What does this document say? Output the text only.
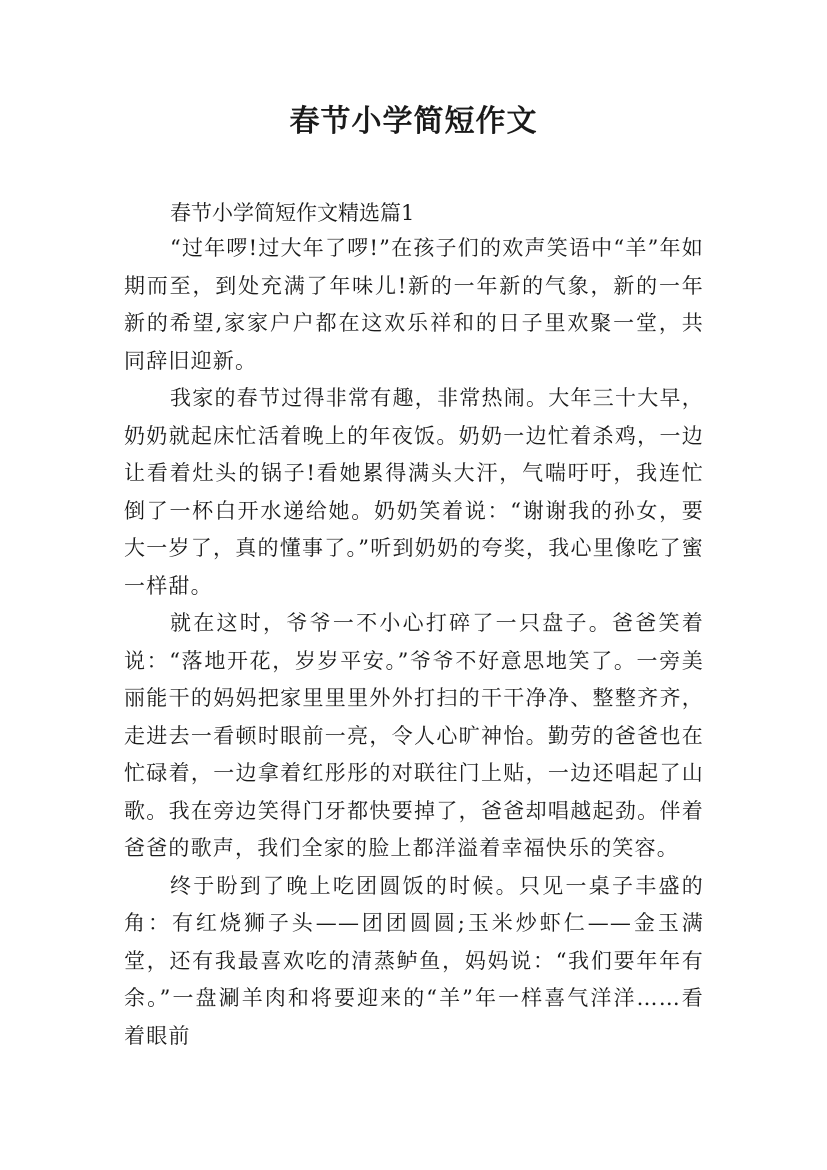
春节小学简短作文

春节小学简短作文精选篇1

“过年啰!过大年了啰!”在孩子们的欢声笑语中“羊”年如期而至，到处充满了年味儿!新的一年新的气象，新的一年新的希望,家家户户都在这欢乐祥和的日子里欢聚一堂，共同辞旧迎新。

我家的春节过得非常有趣，非常热闹。大年三十大早，奶奶就起床忙活着晚上的年夜饭。奶奶一边忙着杀鸡，一边让看着灶头的锅子!看她累得满头大汗，气喘吁吁，我连忙倒了一杯白开水递给她。奶奶笑着说：“谢谢我的孙女，要大一岁了，真的懂事了。”听到奶奶的夸奖，我心里像吃了蜜一样甜。

就在这时，爷爷一不小心打碎了一只盘子。爸爸笑着说：“落地开花，岁岁平安。”爷爷不好意思地笑了。一旁美丽能干的妈妈把家里里里外外打扫的干干净净、整整齐齐，走进去一看顿时眼前一亮，令人心旷神怡。勤劳的爸爸也在忙碌着，一边拿着红彤彤的对联往门上贴，一边还唱起了山歌。我在旁边笑得门牙都快要掉了，爸爸却唱越起劲。伴着爸爸的歌声，我们全家的脸上都洋溢着幸福快乐的笑容。

终于盼到了晚上吃团圆饭的时候。只见一桌子丰盛的角：有红烧狮子头——团团圆圆;玉米炒虾仁——金玉满堂，还有我最喜欢吃的清蒸鲈鱼，妈妈说：“我们要年年有余。”一盘涮羊肉和将要迎来的“羊”年一样喜气洋洋……看着眼前
